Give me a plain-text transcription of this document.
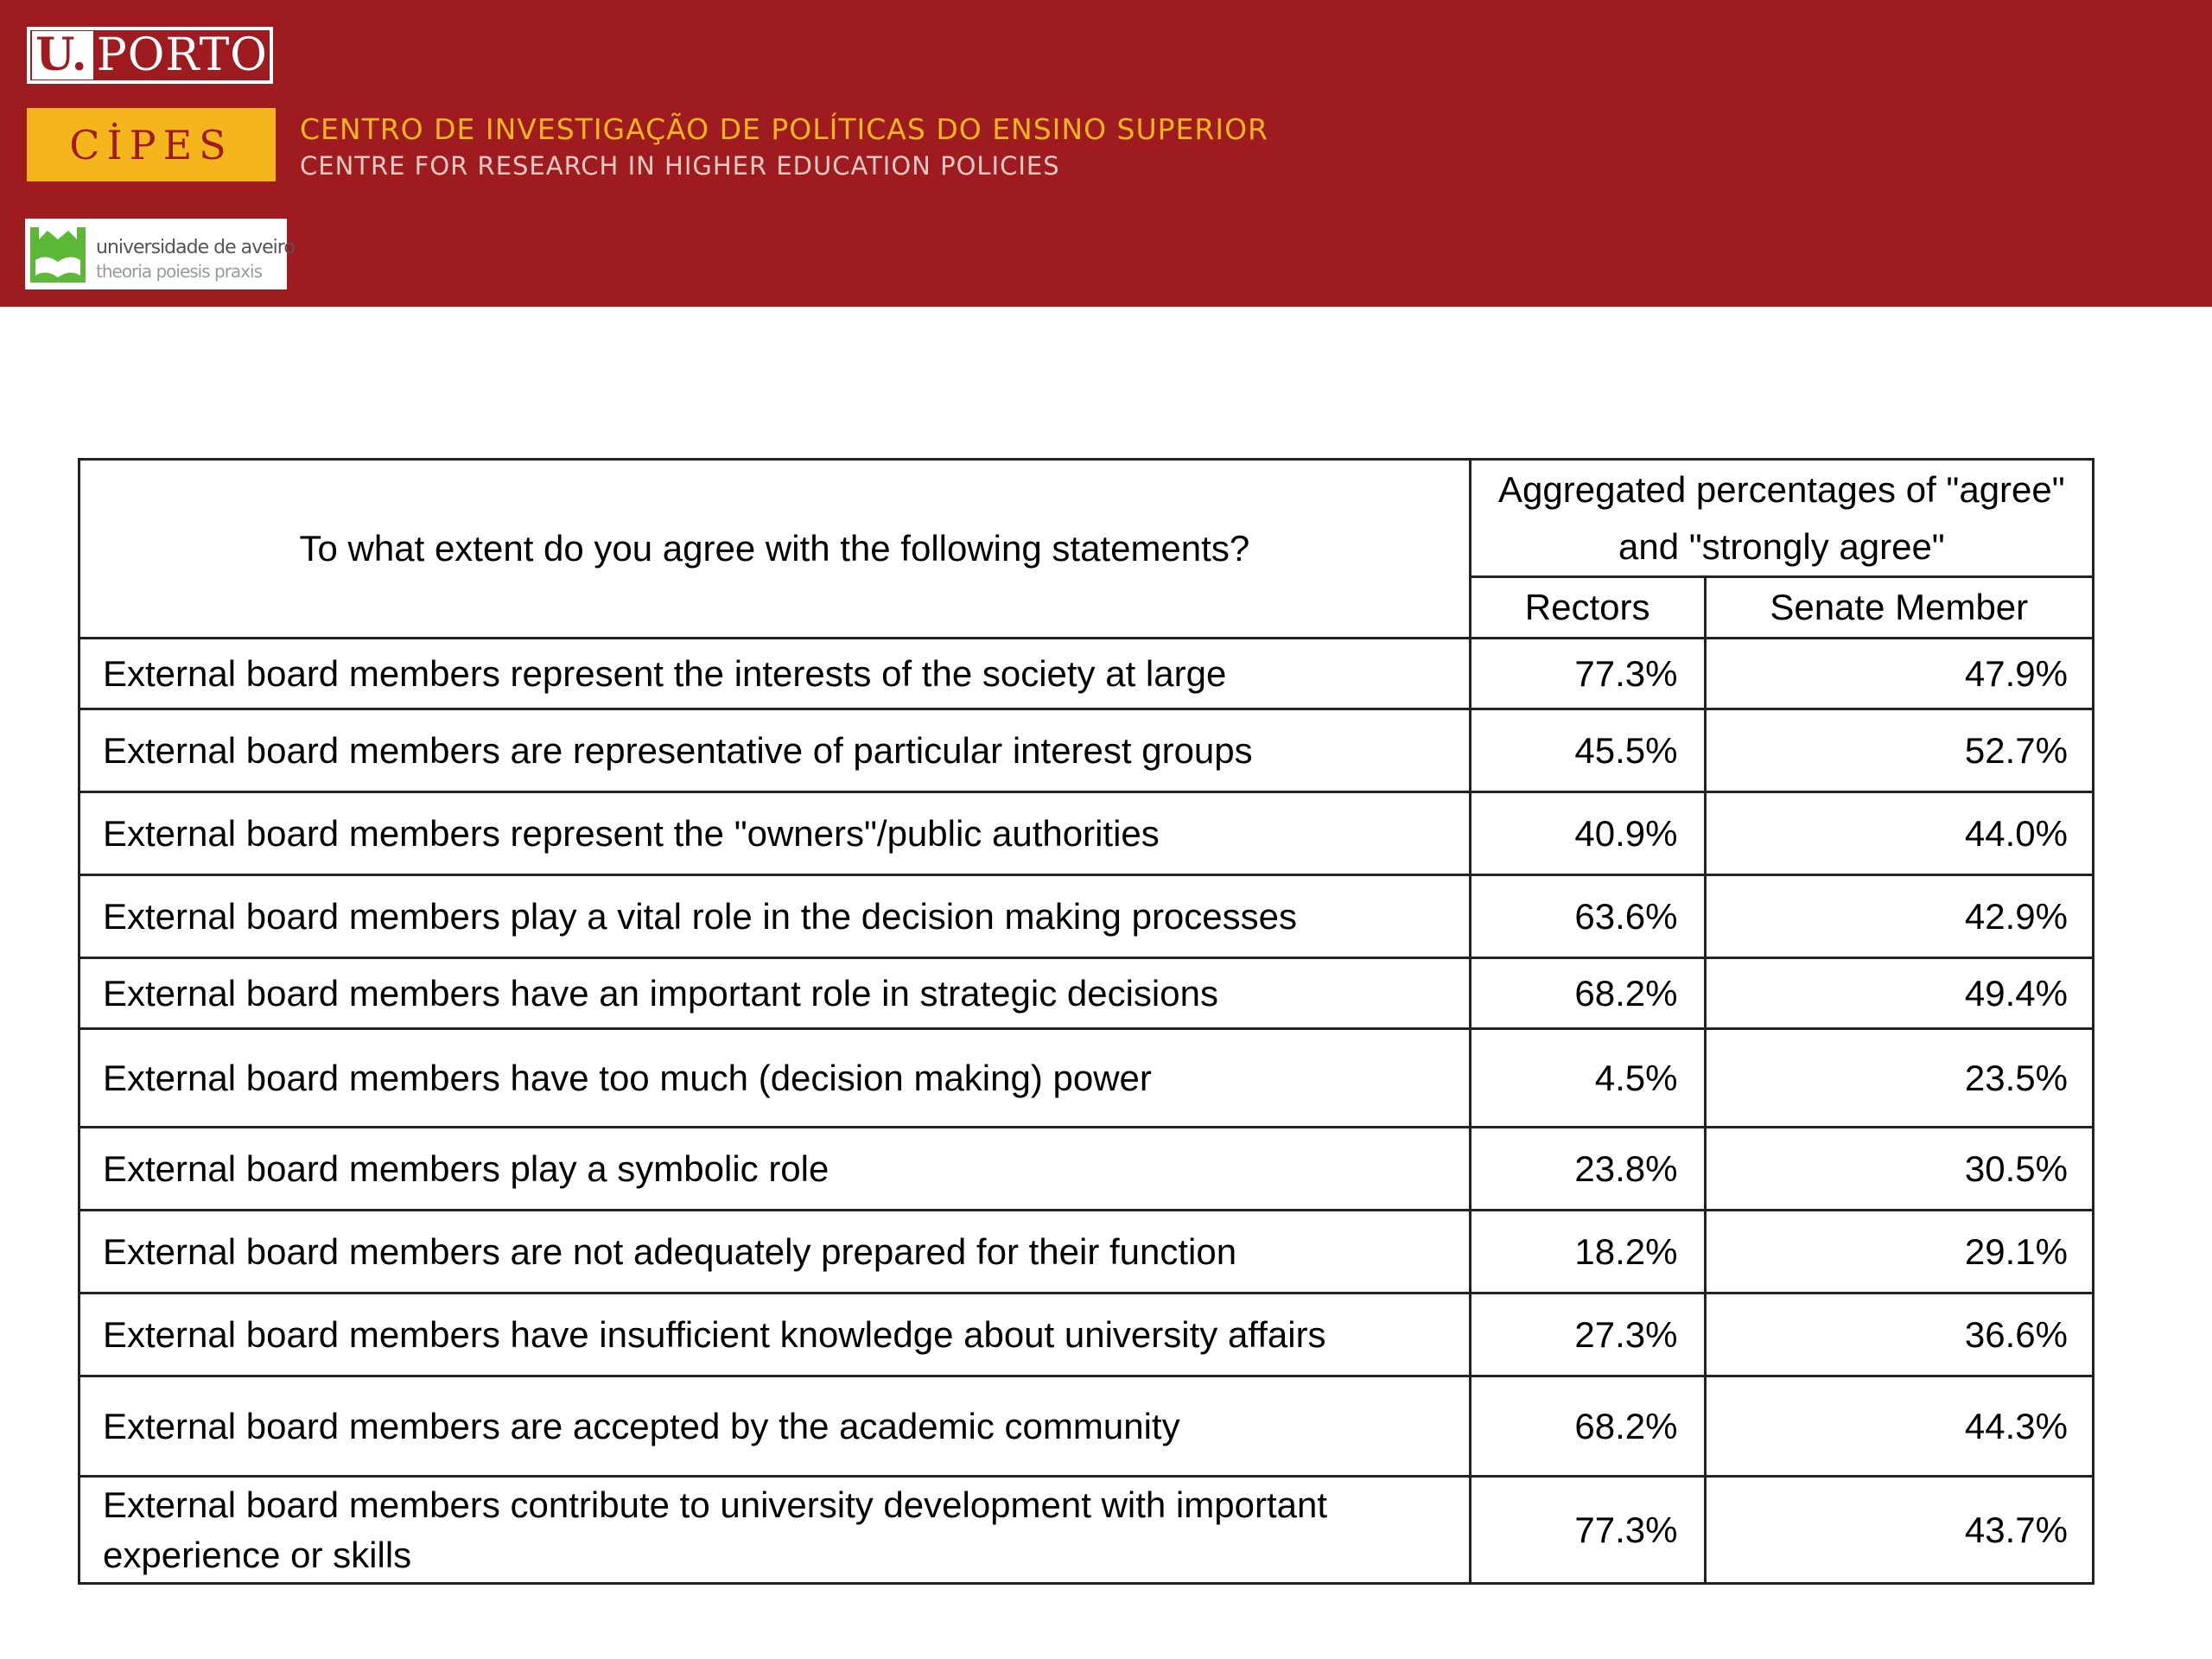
U. PORTO
CİPES	CENTRO DE INVESTIGAÇÃO DE POLÍTICAS DO ENSINO SUPERIOR
CENTRE FOR RESEARCH IN HIGHER EDUCATION POLICIES
universidade de aveiro
theoria poiesis praxis
To what extent do you agree with the following statements?	Aggregated percentages of "agree" and "strongly agree"	
	Rectors	Senate Member
External board members represent the interests of the society at large	77.3%	47.9%
External board members are representative of particular interest groups	45.5%	52.7%
External board members represent the "owners"/public authorities	40.9%	44.0%
External board members play a vital role in the decision making processes	63.6%	42.9%
External board members have an important role in strategic decisions	68.2%	49.4%
External board members have too much (decision making) power	4.5%	23.5%
External board members play a symbolic role	23.8%	30.5%
External board members are not adequately prepared for their function	18.2%	29.1%
External board members have insufficient knowledge about university affairs	27.3%	36.6%
External board members are accepted by the academic community	68.2%	44.3%
External board members contribute to university development with important experience or skills	77.3%	43.7%
